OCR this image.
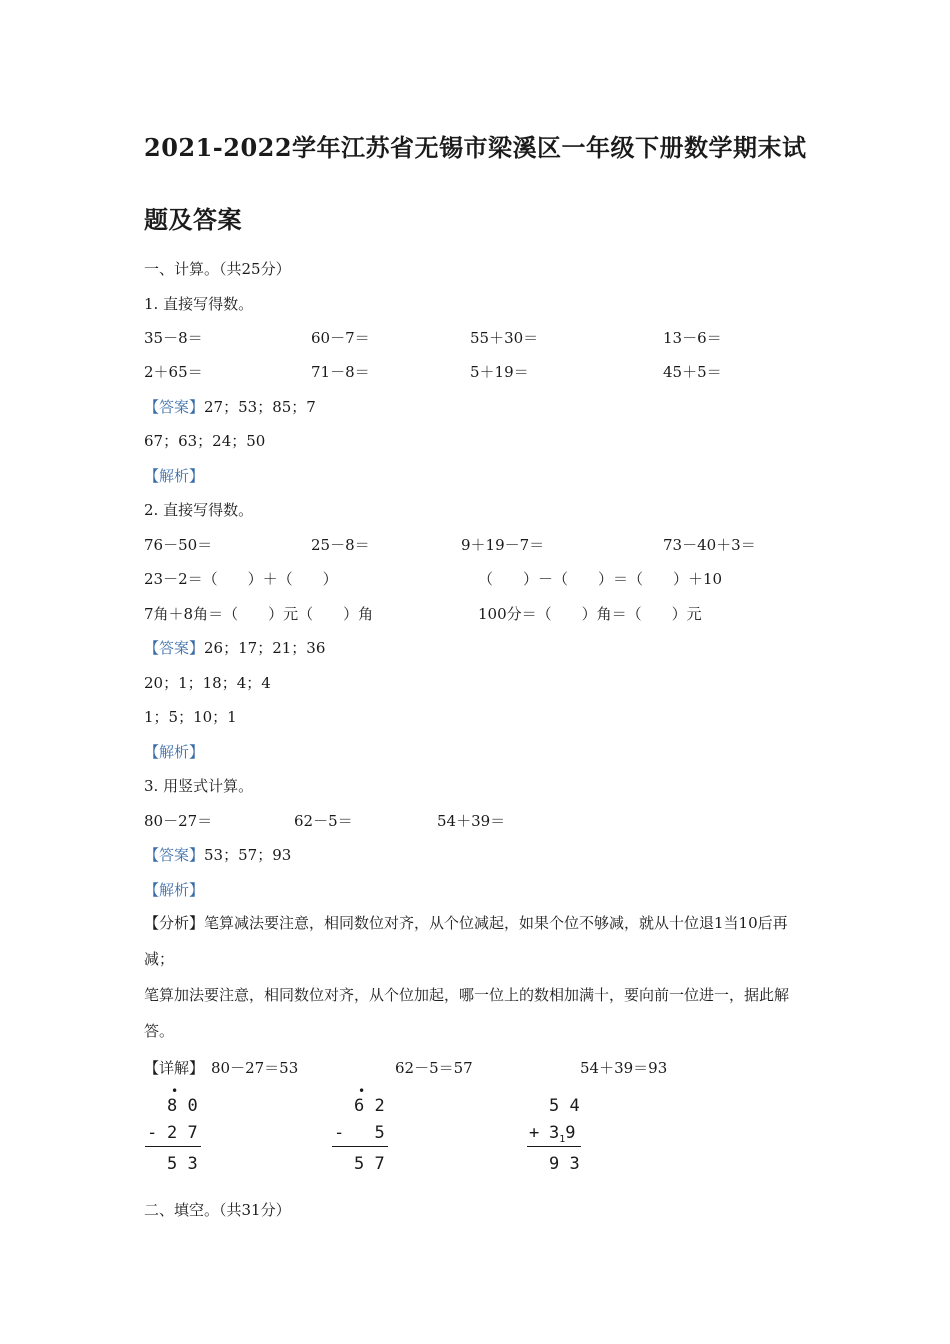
2021-2022学年江苏省无锡市梁溪区一年级下册数学期末试
题及答案
一、计算。（共25分）
1. 直接写得数。
35－8＝	60－7＝	55＋30＝	13－6＝
2＋65＝	71－8＝	5＋19＝	45＋5＝
【答案】27；53；85；7
67；63；24；50
【解析】
2. 直接写得数。
76－50＝	25－8＝	9＋19－7＝	73－40＋3＝
23－2＝（　　）＋（　　）	（　　）－（　　）＝（　　）＋10
7角＋8角＝（　　）元（　　）角	100分＝（　　）角＝（　　）元
【答案】26；17；21；36
20；1；18；4；4
1；5；10；1
【解析】
3. 用竖式计算。
80－27＝	62－5＝	54＋39＝
【答案】53；57；93
【解析】
【分析】笔算减法要注意，相同数位对齐，从个位减起，如果个位不够减，就从十位退1当10后再减；
笔算加法要注意，相同数位对齐，从个位加起，哪一位上的数相加满十，要向前一位进一，据此解答。
【详解】 80－27＝53	62－5＝57	54＋39＝93
•
8 0
- 2 7
5 3
•
6 2
- 5
5 7
5 4
+ $3_19$
9 3
二、填空。（共31分）
